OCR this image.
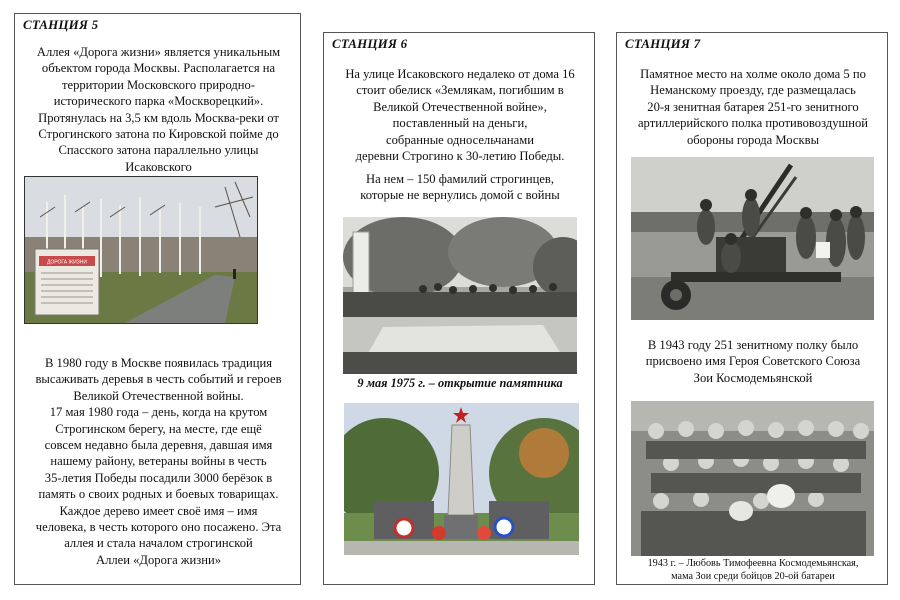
СТАНЦИЯ 5
Аллея «Дорога жизни» является уникальным
объектом города Москвы. Располагается на
территории Московского природно-
исторического парка «Москворецкий».
Протянулась на 3,5 км вдоль Москва-реки от
Строгинского затона по Кировской пойме до
Спасского затона параллельно улицы
Исаковского
ДОРОГА ЖИЗНИ
В 1980 году в Москве появилась традиция
высаживать деревья в честь событий и героев
Великой Отечественной войны.
17 мая 1980 года – день, когда на крутом
Строгинском берегу, на месте, где ещё
совсем недавно была деревня, давшая имя
нашему району, ветераны войны в честь
35-летия Победы посадили 3000 берёзок в
память о своих родных и боевых товарищах.
Каждое дерево имеет своё имя – имя
человека, в честь которого оно посажено. Эта
аллея и стала началом строгинской
Аллеи «Дорога жизни»
СТАНЦИЯ 6
На улице Исаковского недалеко от дома 16
стоит обелиск «Землякам, погибшим в
Великой Отечественной войне»,
поставленный на деньги,
собранные односельчанами
деревни Строгино к 30-летию Победы.
На нем – 150 фамилий строгинцев,
которые не вернулись домой с войны
9 мая 1975 г. – открытие памятника
СТАНЦИЯ 7
Памятное место на холме около дома 5 по
Неманскому проезду, где размещалась
20-я зенитная батарея 251-го зенитного
артиллерийского полка противовоздушной
обороны города Москвы
В 1943 году 251 зенитному полку было
присвоено имя Героя Советского Союза
Зои Космодемьянской
1943 г. – Любовь Тимофеевна Космодемьянская,
мама Зои среди бойцов 20-ой батареи
